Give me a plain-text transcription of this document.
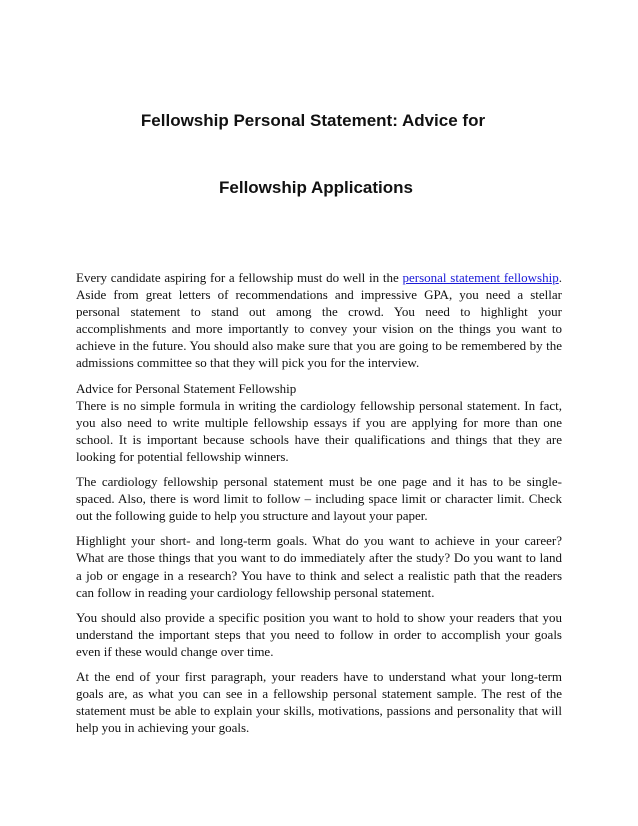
Fellowship Personal Statement: Advice for
Fellowship Applications

Every candidate aspiring for a fellowship must do well in the personal statement fellowship. Aside from great letters of recommendations and impressive GPA, you need a stellar personal statement to stand out among the crowd. You need to highlight your accomplishments and more importantly to convey your vision on the things you want to achieve in the future. You should also make sure that you are going to be remembered by the admissions committee so that they will pick you for the interview.

Advice for Personal Statement Fellowship

There is no simple formula in writing the cardiology fellowship personal statement. In fact, you also need to write multiple fellowship essays if you are applying for more than one school. It is important because schools have their qualifications and things that they are looking for potential fellowship winners.

The cardiology fellowship personal statement must be one page and it has to be single-spaced. Also, there is word limit to follow – including space limit or character limit. Check out the following guide to help you structure and layout your paper.

Highlight your short- and long-term goals. What do you want to achieve in your career? What are those things that you want to do immediately after the study? Do you want to land a job or engage in a research? You have to think and select a realistic path that the readers can follow in reading your cardiology fellowship personal statement.

You should also provide a specific position you want to hold to show your readers that you understand the important steps that you need to follow in order to accomplish your goals even if these would change over time.

At the end of your first paragraph, your readers have to understand what your long-term goals are, as what you can see in a fellowship personal statement sample. The rest of the statement must be able to explain your skills, motivations, passions and personality that will help you in achieving your goals.
